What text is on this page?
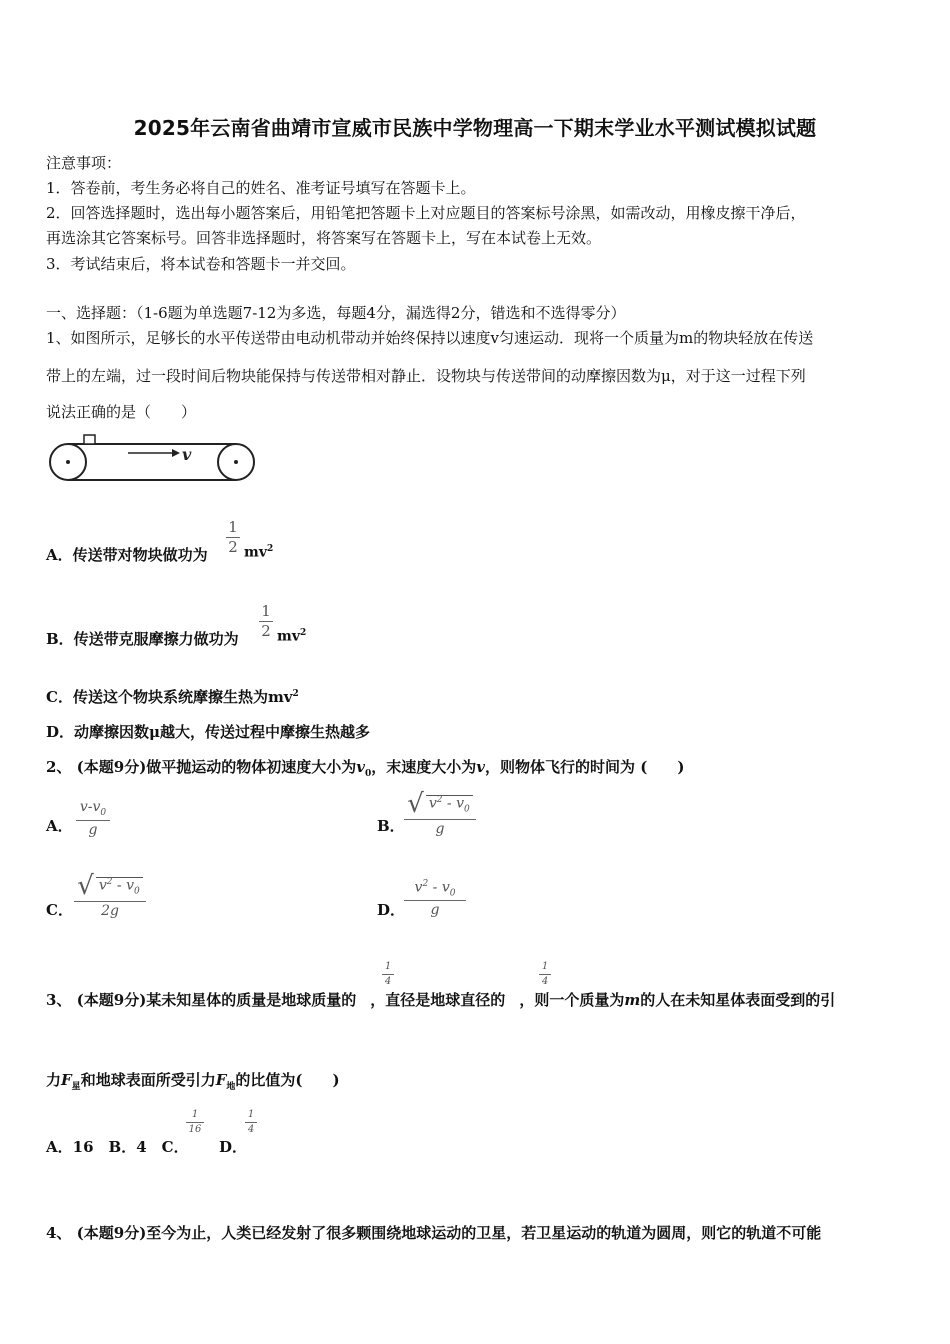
2025年云南省曲靖市宣威市民族中学物理高一下期末学业水平测试模拟试题
注意事项：
1．答卷前，考生务必将自己的姓名、准考证号填写在答题卡上。
2．回答选择题时，选出每小题答案后，用铅笔把答题卡上对应题目的答案标号涂黑，如需改动，用橡皮擦干净后，
再选涂其它答案标号。回答非选择题时，将答案写在答题卡上，写在本试卷上无效。
3．考试结束后，将本试卷和答题卡一并交回。
一、选择题：（1-6题为单选题7-12为多选，每题4分，漏选得2分，错选和不选得零分）
1、如图所示，足够长的水平传送带由电动机带动并始终保持以速度v匀速运动．现将一个质量为m的物块轻放在传送
带上的左端，过一段时间后物块能保持与传送带相对静止．设物块与传送带间的动摩擦因数为μ，对于这一过程下列
说法正确的是（　　）
v
A．传送带对物块做功为
1
2 $mv^2$
B．传送带克服摩擦力做功为
1
2 $mv^2$
C．传送这个物块系统摩擦生热为$mv^2$
D．动摩擦因数μ越大，传送过程中摩擦生热越多
2、 (本题9分)做平抛运动的物体初速度大小为$v_0$，末速度大小为v，则物体飞行的时间为 (　　)
A．
$v-v_0$
g	B．
√ $v^2 - v_0$
g
C．
√ $v^2 - v_0$
2g	D．
$v^2 - v_0$
g
3、 (本题9分)某未知星体的质量是地球质量的 ，直径是地球直径的 ，则一个质量为m的人在未知星体表面受到的引
1
4
1
4
力$F_星$和地球表面所受引力$F_地$的比值为(　　)
A．16　B．4　C．
1
16
D．
1
4
4、 (本题9分)至今为止，人类已经发射了很多颗围绕地球运动的卫星，若卫星运动的轨道为圆周，则它的轨道不可能
